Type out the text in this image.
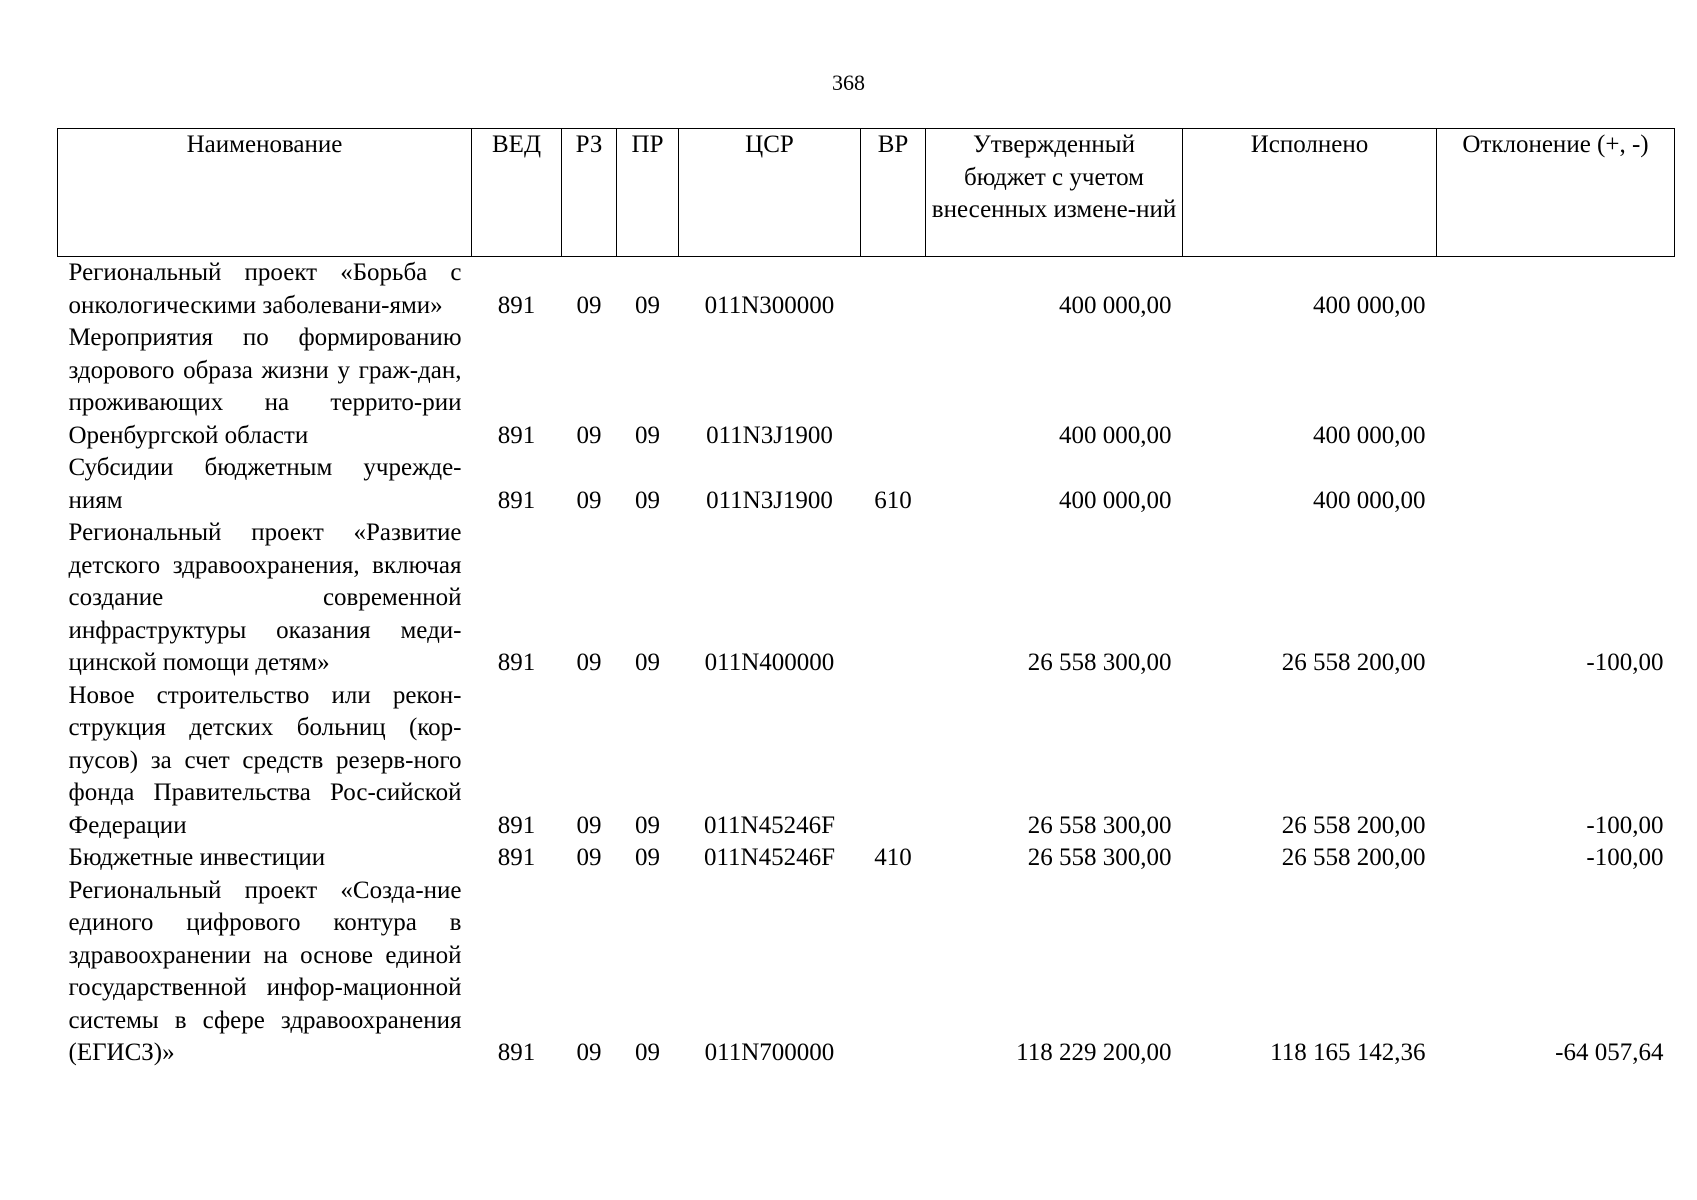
368
Наименование	ВЕД	РЗ	ПР	ЦСР	ВР	Утвержденный бюджет с учетом внесенных измене-ний	Исполнено	Отклонение (+, -)
Региональный проект «Борьба с онкологическими заболевани-ями»	891	09	09	011N300000		400 000,00	400 000,00	
Мероприятия по формированию здорового образа жизни у граж-дан, проживающих на террито-рии Оренбургской области	891	09	09	011N3J1900		400 000,00	400 000,00	
Субсидии бюджетным учрежде-ниям	891	09	09	011N3J1900	610	400 000,00	400 000,00	
Региональный проект «Развитие детского здравоохранения, включая создание современной инфраструктуры оказания меди-цинской помощи детям»	891	09	09	011N400000		26 558 300,00	26 558 200,00	-100,00
Новое строительство или рекон-струкция детских больниц (кор-пусов) за счет средств резерв-ного фонда Правительства Рос-сийской Федерации	891	09	09	011N45246F		26 558 300,00	26 558 200,00	-100,00
Бюджетные инвестиции	891	09	09	011N45246F	410	26 558 300,00	26 558 200,00	-100,00
Региональный проект «Созда-ние единого цифрового контура в здравоохранении на основе единой государственной инфор-мационной системы в сфере здравоохранения (ЕГИСЗ)»	891	09	09	011N700000		118 229 200,00	118 165 142,36	-64 057,64
